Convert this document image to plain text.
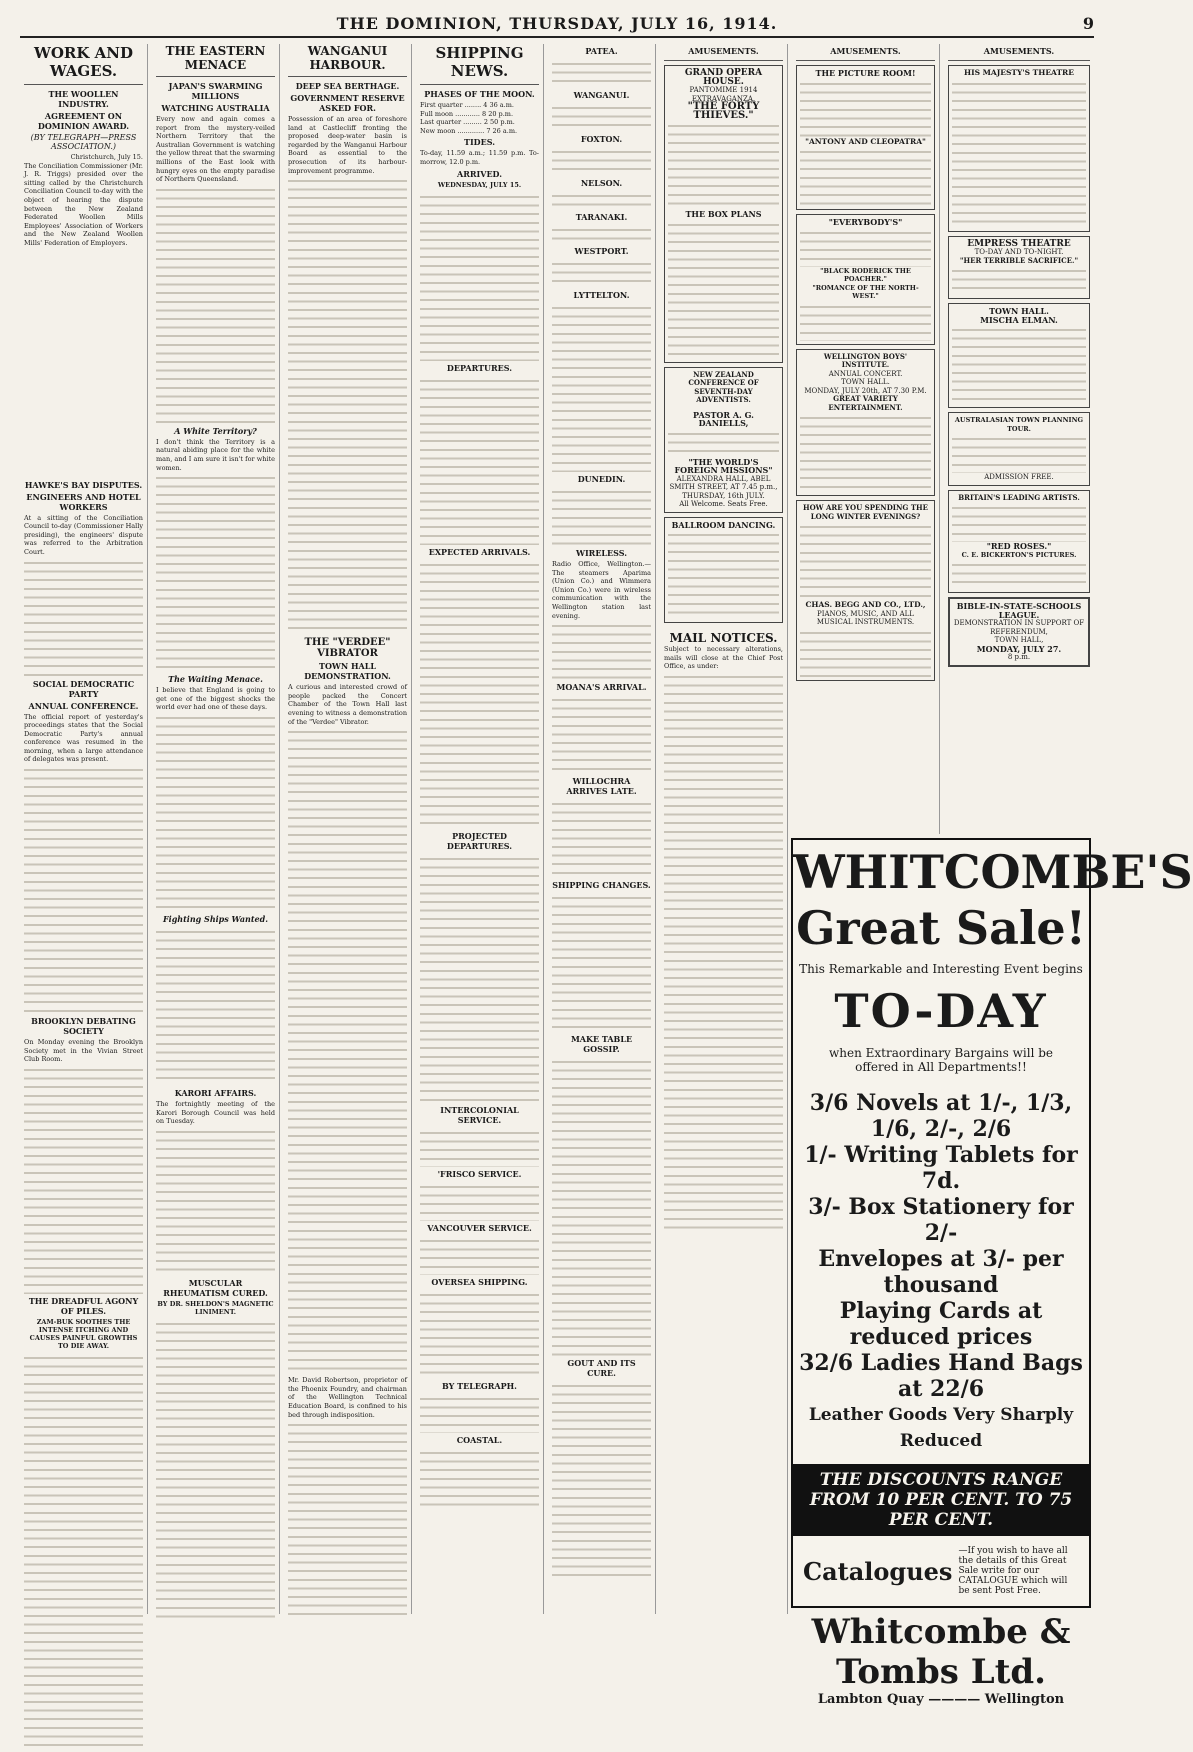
THE DOMINION, THURSDAY, JULY 16, 1914.	9
WORK AND WAGES.
THE WOOLLEN INDUSTRY.
AGREEMENT ON DOMINION AWARD.
(BY TELEGRAPH—PRESS ASSOCIATION.)
Christchurch, July 15.
The Conciliation Commissioner (Mr. J. R. Triggs) presided over the sitting called by the Christchurch Conciliation Council to-day with the object of hearing the dispute between the New Zealand Federated Woollen Mills Employees' Association of Workers and the New Zealand Woollen Mills' Federation of Employers.
HAWKE'S BAY DISPUTES.
ENGINEERS AND HOTEL WORKERS
At a sitting of the Conciliation Council to-day (Commissioner Hally presiding), the engineers' dispute was referred to the Arbitration Court.
SOCIAL DEMOCRATIC PARTY
ANNUAL CONFERENCE.
The official report of yesterday's proceedings states that the Social Democratic Party's annual conference was resumed in the morning, when a large attendance of delegates was present.
BROOKLYN DEBATING SOCIETY
On Monday evening the Brooklyn Society met in the Vivian Street Club Room.
THE DREADFUL AGONY OF PILES.
ZAM-BUK SOOTHES THE INTENSE ITCHING AND CAUSES PAINFUL GROWTHS TO DIE AWAY.
THE EASTERN MENACE
JAPAN'S SWARMING MILLIONS
WATCHING AUSTRALIA
Every now and again comes a report from the mystery-veiled Northern Territory that the Australian Government is watching the yellow threat that the swarming millions of the East look with hungry eyes on the empty paradise of Northern Queensland.
A White Territory?
I don't think the Territory is a natural abiding place for the white man, and I am sure it isn't for white women.
The Waiting Menace.
I believe that England is going to get one of the biggest shocks the world ever had one of these days.
Fighting Ships Wanted.
KARORI AFFAIRS.
The fortnightly meeting of the Karori Borough Council was held on Tuesday.
MUSCULAR RHEUMATISM CURED.
BY DR. SHELDON'S MAGNETIC LINIMENT.
WANGANUI HARBOUR.
DEEP SEA BERTHAGE.
GOVERNMENT RESERVE ASKED FOR.
Possession of an area of foreshore land at Castlecliff fronting the proposed deep-water basin is regarded by the Wanganui Harbour Board as essential to the prosecution of its harbour-improvement programme.
THE "VERDEE" VIBRATOR
TOWN HALL DEMONSTRATION.
A curious and interested crowd of people packed the Concert Chamber of the Town Hall last evening to witness a demonstration of the "Verdee" Vibrator.
Mr. David Robertson, proprietor of the Phoenix Foundry, and chairman of the Wellington Technical Education Board, is confined to his bed through indisposition.
SHIPPING NEWS.
PHASES OF THE MOON.
First quarter ........ 4 36 a.m.
Full moon ............ 8 20 p.m.
Last quarter ......... 2 50 p.m.
New moon ............. 7 26 a.m.
TIDES.
To-day, 11.59 a.m.; 11.59 p.m. To-morrow, 12.0 p.m.
ARRIVED.
WEDNESDAY, JULY 15.
DEPARTURES.
EXPECTED ARRIVALS.
PROJECTED DEPARTURES.
INTERCOLONIAL SERVICE.
'FRISCO SERVICE.
VANCOUVER SERVICE.
OVERSEA SHIPPING.
BY TELEGRAPH.
COASTAL.
PATEA.
WANGANUI.
FOXTON.
NELSON.
TARANAKI.
WESTPORT.
LYTTELTON.
DUNEDIN.
WIRELESS.
Radio Office, Wellington.—The steamers Aparima (Union Co.) and Wimmera (Union Co.) were in wireless communication with the Wellington station last evening.
MOANA'S ARRIVAL.
WILLOCHRA ARRIVES LATE.
SHIPPING CHANGES.
MAKE TABLE GOSSIP.
GOUT AND ITS CURE.
AMUSEMENTS.
GRAND OPERA HOUSE.
PANTOMIME 1914 EXTRAVAGANZA.
"THE FORTY THIEVES."
THE BOX PLANS
NEW ZEALAND CONFERENCE OF SEVENTH-DAY ADVENTISTS.
PASTOR A. G. DANIELLS,
"THE WORLD'S FOREIGN MISSIONS"
ALEXANDRA HALL, ABEL SMITH STREET, AT 7.45 p.m.,
THURSDAY, 16th JULY.
All Welcome. Seats Free.
BALLROOM DANCING.
MAIL NOTICES.
Subject to necessary alterations, mails will close at the Chief Post Office, as under:
AMUSEMENTS.
THE PICTURE ROOM!
"ANTONY AND CLEOPATRA"
"EVERYBODY'S"
"BLACK RODERICK THE POACHER."
"ROMANCE OF THE NORTH-WEST."
WELLINGTON BOYS' INSTITUTE.
ANNUAL CONCERT.
TOWN HALL.
MONDAY, JULY 20th, AT 7.30 P.M.
GREAT VARIETY ENTERTAINMENT.
HOW ARE YOU SPENDING THE LONG WINTER EVENINGS?
CHAS. BEGG AND CO., LTD.,
PIANOS, MUSIC, AND ALL MUSICAL INSTRUMENTS.
AMUSEMENTS.
HIS MAJESTY'S THEATRE
EMPRESS THEATRE
TO-DAY AND TO-NIGHT.
"HER TERRIBLE SACRIFICE."
TOWN HALL.
MISCHA ELMAN.
AUSTRALASIAN TOWN PLANNING TOUR.
ADMISSION FREE.
BRITAIN'S LEADING ARTISTS.
"RED ROSES."
C. E. BICKERTON'S PICTURES.
BIBLE-IN-STATE-SCHOOLS LEAGUE.
DEMONSTRATION IN SUPPORT OF REFERENDUM,
TOWN HALL,
MONDAY, JULY 27.
8 p.m.
WHITCOMBE'S
Great Sale!
This Remarkable and Interesting Event begins
TO-DAY
when Extraordinary Bargains will be offered in All Departments!!
3/6 Novels at 1/-, 1/3, 1/6, 2/-, 2/6
1/- Writing Tablets for 7d.
3/- Box Stationery for 2/-
Envelopes at 3/- per thousand
Playing Cards at reduced prices
32/6 Ladies Hand Bags at 22/6
Leather Goods Very Sharply Reduced
THE DISCOUNTS RANGE FROM 10 PER CENT. TO 75 PER CENT.
Catalogues
—If you wish to have all the details of this Great Sale write for our CATALOGUE which will be sent Post Free.
Whitcombe & Tombs Ltd.
Lambton Quay ———— Wellington
